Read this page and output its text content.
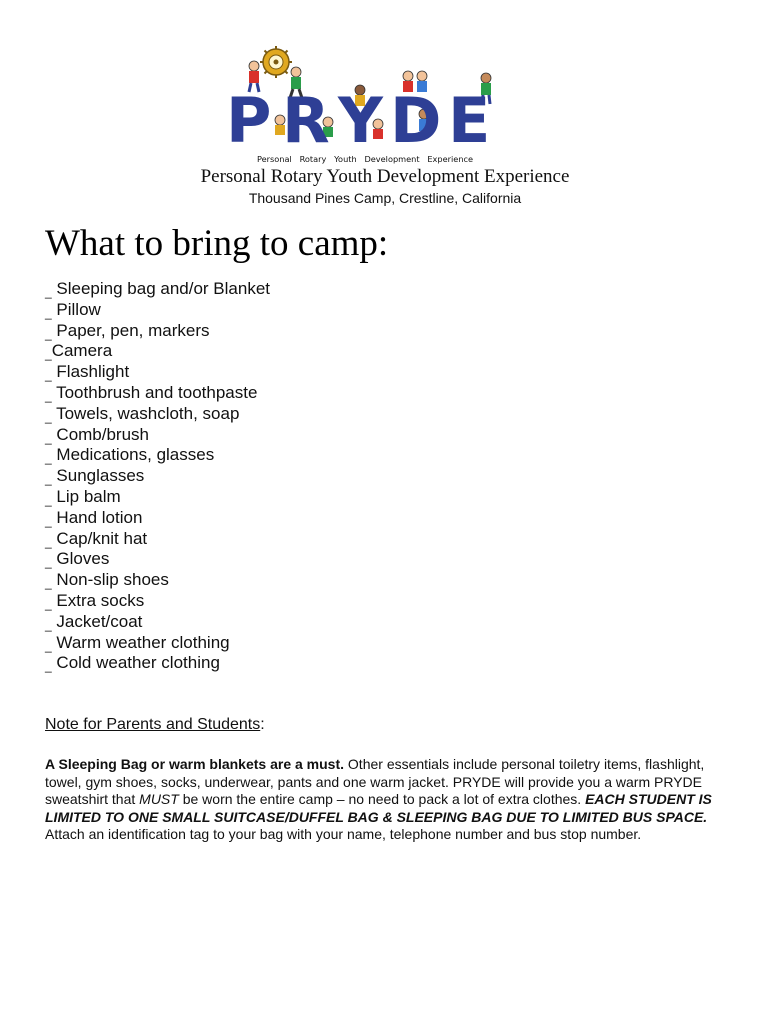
P R Y D E
Personal   Rotary   Youth   Development   Experience
Personal Rotary Youth Development Experience
Thousand Pines Camp, Crestline, California
What to bring to camp:
_ Sleeping bag and/or Blanket
_ Pillow
_ Paper, pen, markers
_Camera
_ Flashlight
_ Toothbrush and toothpaste
_ Towels, washcloth, soap
_ Comb/brush
_ Medications, glasses
_ Sunglasses
_ Lip balm
_ Hand lotion
_ Cap/knit hat
_ Gloves
_ Non-slip shoes
_ Extra socks
_ Jacket/coat
_ Warm weather clothing
_ Cold weather clothing
Note for Parents and Students:
A Sleeping Bag or warm blankets are a must. Other essentials include personal toiletry items, flashlight, towel, gym shoes, socks, underwear, pants and one warm jacket. PRYDE will provide you a warm PRYDE sweatshirt that MUST be worn the entire camp – no need to pack a lot of extra clothes. EACH STUDENT IS LIMITED TO ONE SMALL SUITCASE/DUFFEL BAG & SLEEPING BAG DUE TO LIMITED BUS SPACE. Attach an identification tag to your bag with your name, telephone number and bus stop number.
